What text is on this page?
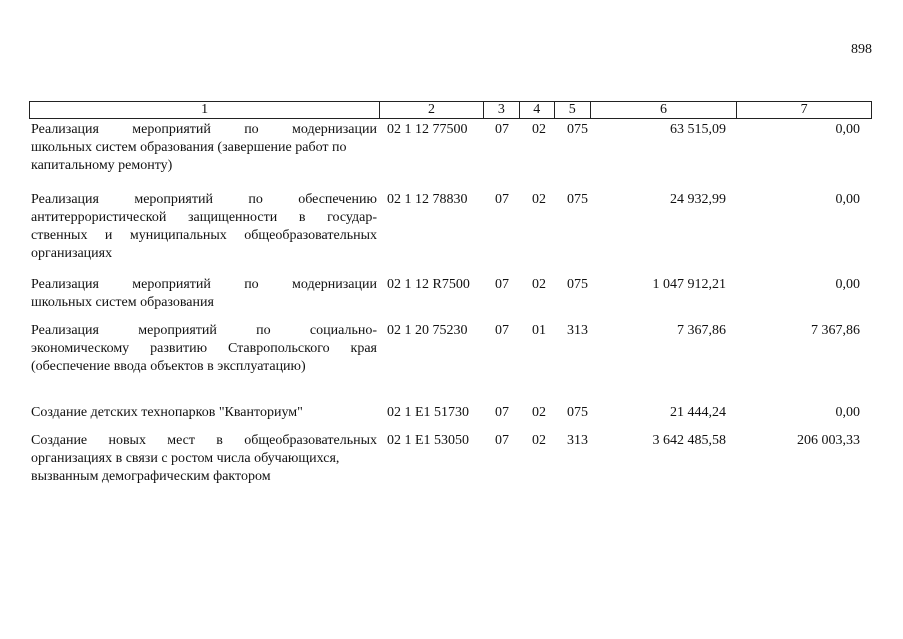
898
1	2	3	4	5	6	7
Реализация мероприятий по модернизации
школьных систем образования (завершение работ по
капитальному ремонту)
02 1 12 77500	07	02	075	63 515,09	0,00
Реализация мероприятий по обеспечению
антитеррористической защищенности в государ-
ственных и муниципальных общеобразовательных
организациях
02 1 12 78830	07	02	075	24 932,99	0,00
Реализация мероприятий по модернизации
школьных систем образования
02 1 12 R7500	07	02	075	1 047 912,21	0,00
Реализация мероприятий по социально-
экономическому развитию Ставропольского края
(обеспечение ввода объектов в эксплуатацию)
02 1 20 75230	07	01	313	7 367,86	7 367,86
Создание детских технопарков "Кванториум"	02 1 E1 51730	07	02	075	21 444,24	0,00
Создание новых мест в общеобразовательных
организациях в связи с ростом числа обучающихся,
вызванным демографическим фактором
02 1 E1 53050	07	02	313	3 642 485,58	206 003,33
